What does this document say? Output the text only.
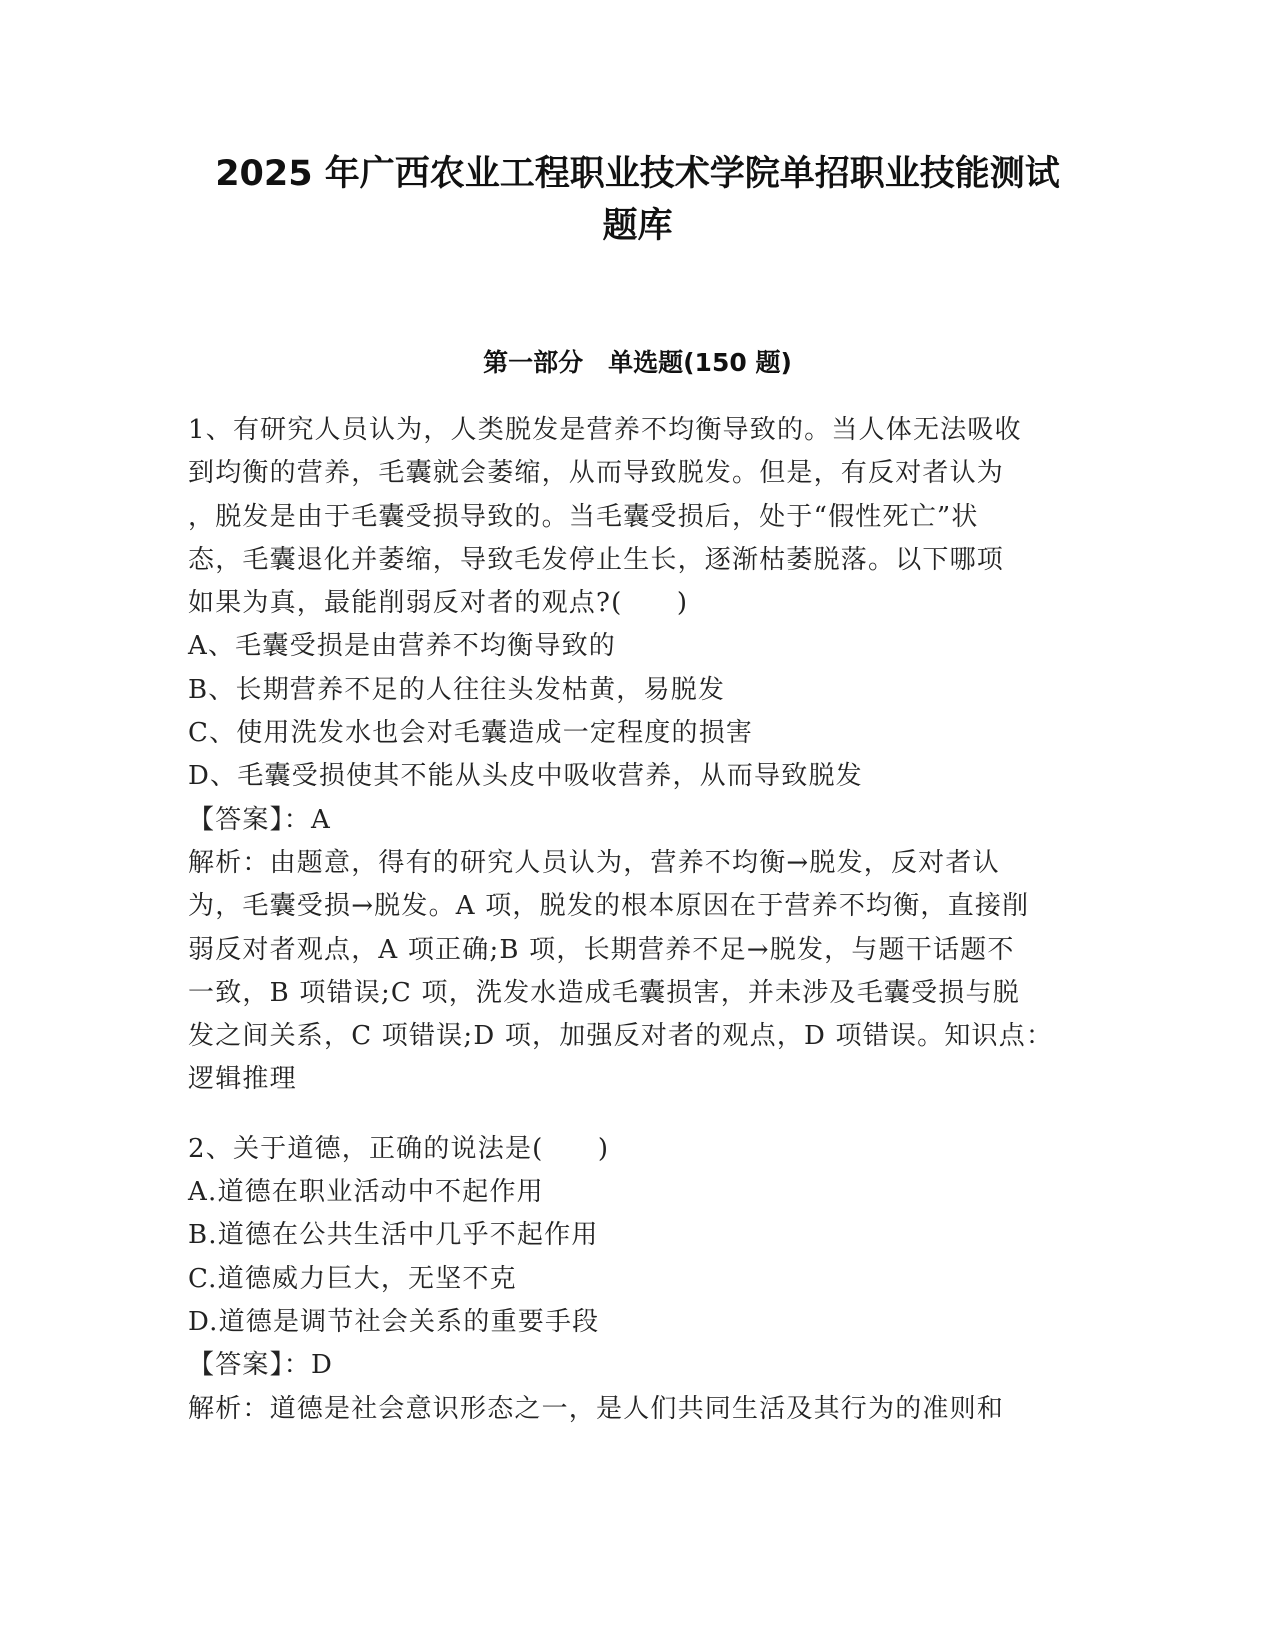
2025 年广西农业工程职业技术学院单招职业技能测试
题库
第一部分　单选题(150 题)
1、有研究人员认为，人类脱发是营养不均衡导致的。当人体无法吸收
到均衡的营养，毛囊就会萎缩，从而导致脱发。但是，有反对者认为
，脱发是由于毛囊受损导致的。当毛囊受损后，处于“假性死亡”状
态，毛囊退化并萎缩，导致毛发停止生长，逐渐枯萎脱落。以下哪项
如果为真，最能削弱反对者的观点?(　　)
A、毛囊受损是由营养不均衡导致的
B、长期营养不足的人往往头发枯黄，易脱发
C、使用洗发水也会对毛囊造成一定程度的损害
D、毛囊受损使其不能从头皮中吸收营养，从而导致脱发
【答案】：A
解析：由题意，得有的研究人员认为，营养不均衡→脱发，反对者认
为，毛囊受损→脱发。A 项，脱发的根本原因在于营养不均衡，直接削
弱反对者观点，A 项正确;B 项，长期营养不足→脱发，与题干话题不
一致，B 项错误;C 项，洗发水造成毛囊损害，并未涉及毛囊受损与脱
发之间关系，C 项错误;D 项，加强反对者的观点，D 项错误。知识点：
逻辑推理
2、关于道德，正确的说法是(　　)
A.道德在职业活动中不起作用
B.道德在公共生活中几乎不起作用
C.道德威力巨大，无坚不克
D.道德是调节社会关系的重要手段
【答案】：D
解析：道德是社会意识形态之一，是人们共同生活及其行为的准则和
